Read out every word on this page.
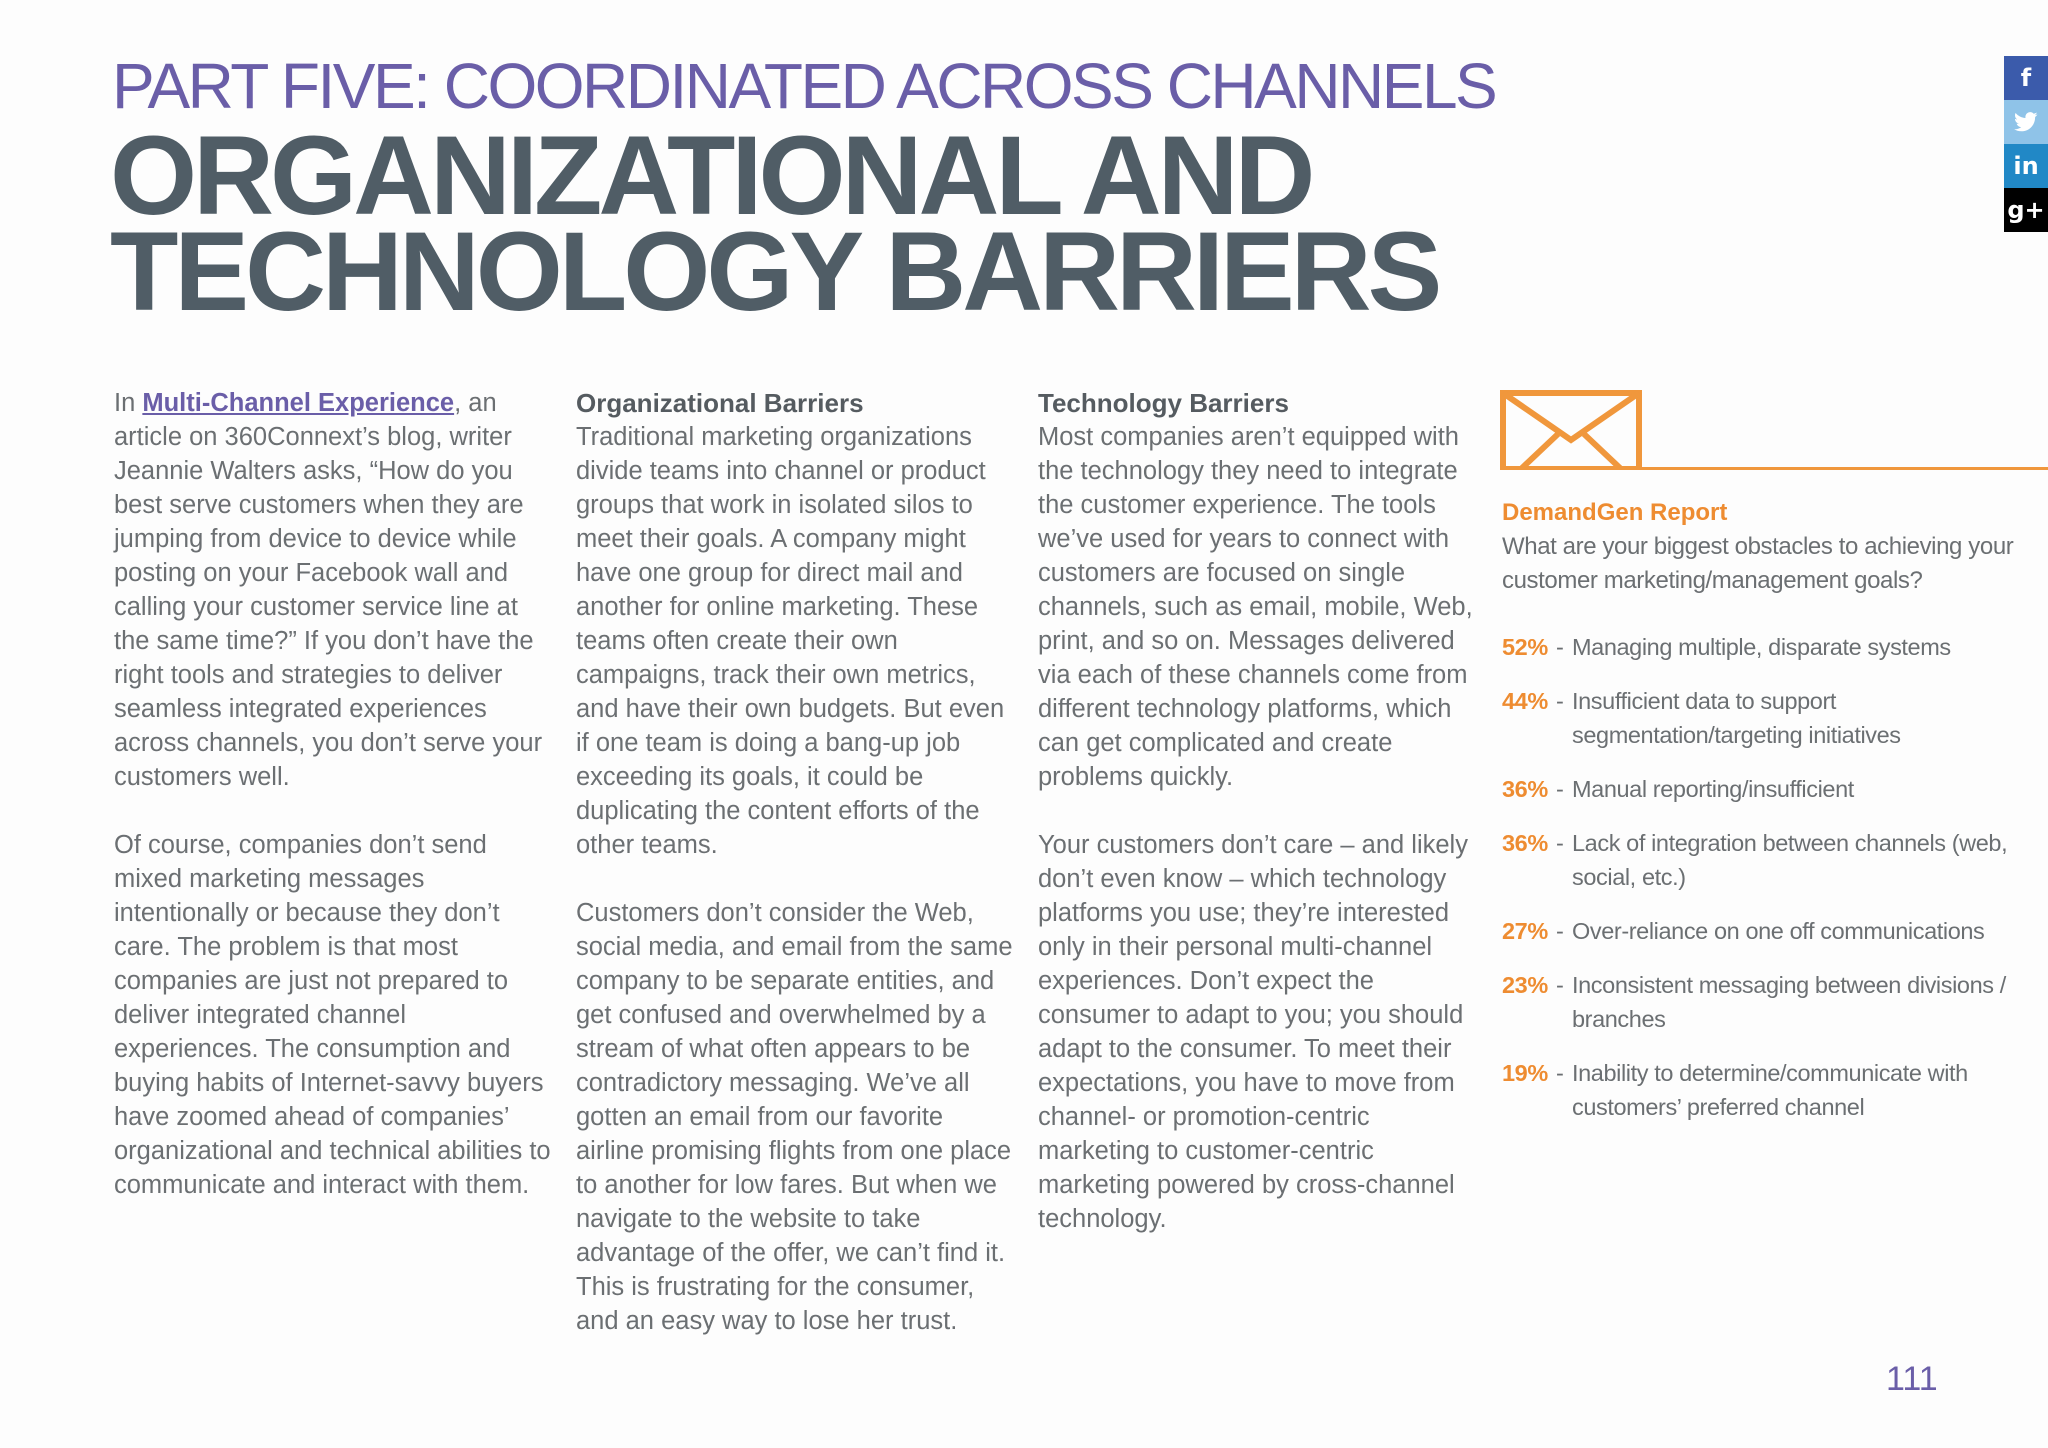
PART FIVE: COORDINATED ACROSS CHANNELS
ORGANIZATIONAL AND
TECHNOLOGY BARRIERS
f
in
g+

In Multi-Channel Experience, an article on 360Connext’s blog, writer Jeannie Walters asks, “How do you best serve customers when they are jumping from device to device while posting on your Facebook wall and calling your customer service line at the same time?” If you don’t have the right tools and strategies to deliver seamless integrated experiences across channels, you don’t serve your customers well.

Of course, companies don’t send mixed marketing messages intentionally or because they don’t care. The problem is that most companies are just not prepared to deliver integrated channel experiences. The consumption and buying habits of Internet-savvy buyers have zoomed ahead of companies’ organizational and technical abilities to communicate and interact with them.

Organizational Barriers

Traditional marketing organizations divide teams into channel or product groups that work in isolated silos to meet their goals. A company might have one group for direct mail and another for online marketing. These teams often create their own campaigns, track their own metrics, and have their own budgets. But even if one team is doing a bang-up job exceeding its goals, it could be duplicating the content efforts of the other teams.

Customers don’t consider the Web, social media, and email from the same company to be separate entities, and get confused and overwhelmed by a stream of what often appears to be contradictory messaging. We’ve all gotten an email from our favorite airline promising flights from one place to another for low fares. But when we navigate to the website to take advantage of the offer, we can’t find it. This is frustrating for the consumer, and an easy way to lose her trust.

Technology Barriers

Most companies aren’t equipped with the technology they need to integrate the customer experience. The tools we’ve used for years to connect with customers are focused on single channels, such as email, mobile, Web, print, and so on. Messages delivered via each of these channels come from different technology platforms, which can get complicated and create problems quickly.

Your customers don’t care – and likely don’t even know – which technology platforms you use; they’re interested only in their personal multi-channel experiences. Don’t expect the consumer to adapt to you; you should adapt to the consumer. To meet their expectations, you have to move from channel- or promotion-centric marketing to customer-centric marketing powered by cross-channel technology.

DemandGen Report
What are your biggest obstacles to achieving your customer marketing/management goals?
52% - Managing multiple, disparate systems
44% - Insufficient data to support segmentation/targeting initiatives
36% - Manual reporting/insufficient
36% - Lack of integration between channels (web, social, etc.)
27% - Over-reliance on one off communications
23% - Inconsistent messaging between divisions / branches
19% - Inability to determine/communicate with customers’ preferred channel
111
